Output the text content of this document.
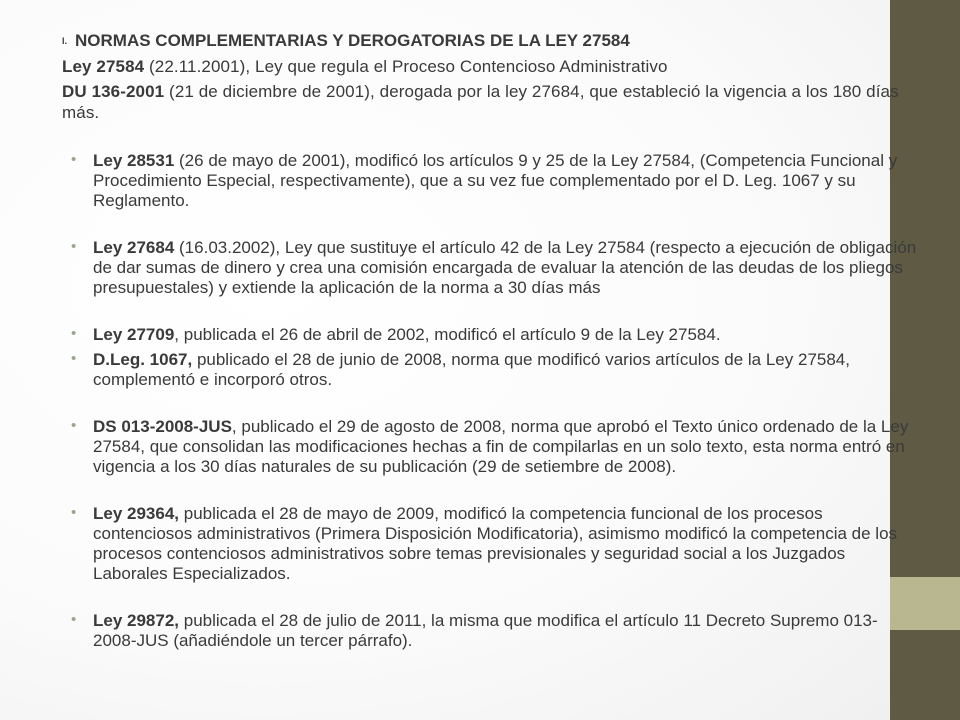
I. NORMAS COMPLEMENTARIAS Y DEROGATORIAS DE LA LEY 27584

Ley 27584 (22.11.2001), Ley que regula el Proceso Contencioso Administrativo

DU 136-2001 (21 de diciembre de 2001), derogada por la ley 27684, que estableció la vigencia a los 180 días más.

• Ley 28531 (26 de mayo de 2001), modificó los artículos 9 y 25 de la Ley 27584, (Competencia Funcional y Procedimiento Especial, respectivamente), que a su vez fue complementado por el D. Leg. 1067 y su Reglamento.
• Ley 27684 (16.03.2002), Ley que sustituye el artículo 42 de la Ley 27584 (respecto a ejecución de obligación de dar sumas de dinero y crea una comisión encargada de evaluar la atención de las deudas de los pliegos presupuestales) y extiende la aplicación de la norma a 30 días más
• Ley 27709, publicada el 26 de abril de 2002, modificó el artículo 9 de la Ley 27584.
• D.Leg. 1067, publicado el 28 de junio de 2008, norma que modificó varios artículos de la Ley 27584, complementó e incorporó otros.
• DS 013-2008-JUS, publicado el 29 de agosto de 2008, norma que aprobó el Texto único ordenado de la Ley 27584, que consolidan las modificaciones hechas a fin de compilarlas en un solo texto, esta norma entró en vigencia a los 30 días naturales de su publicación (29 de setiembre de 2008).
• Ley 29364, publicada el 28 de mayo de 2009, modificó la competencia funcional de los procesos contenciosos administrativos (Primera Disposición Modificatoria), asimismo modificó la competencia de los procesos contenciosos administrativos sobre temas previsionales y seguridad social a los Juzgados Laborales Especializados.
• Ley 29872, publicada el 28 de julio de 2011, la misma que modifica el artículo 11 Decreto Supremo 013-2008-JUS (añadiéndole un tercer párrafo).
